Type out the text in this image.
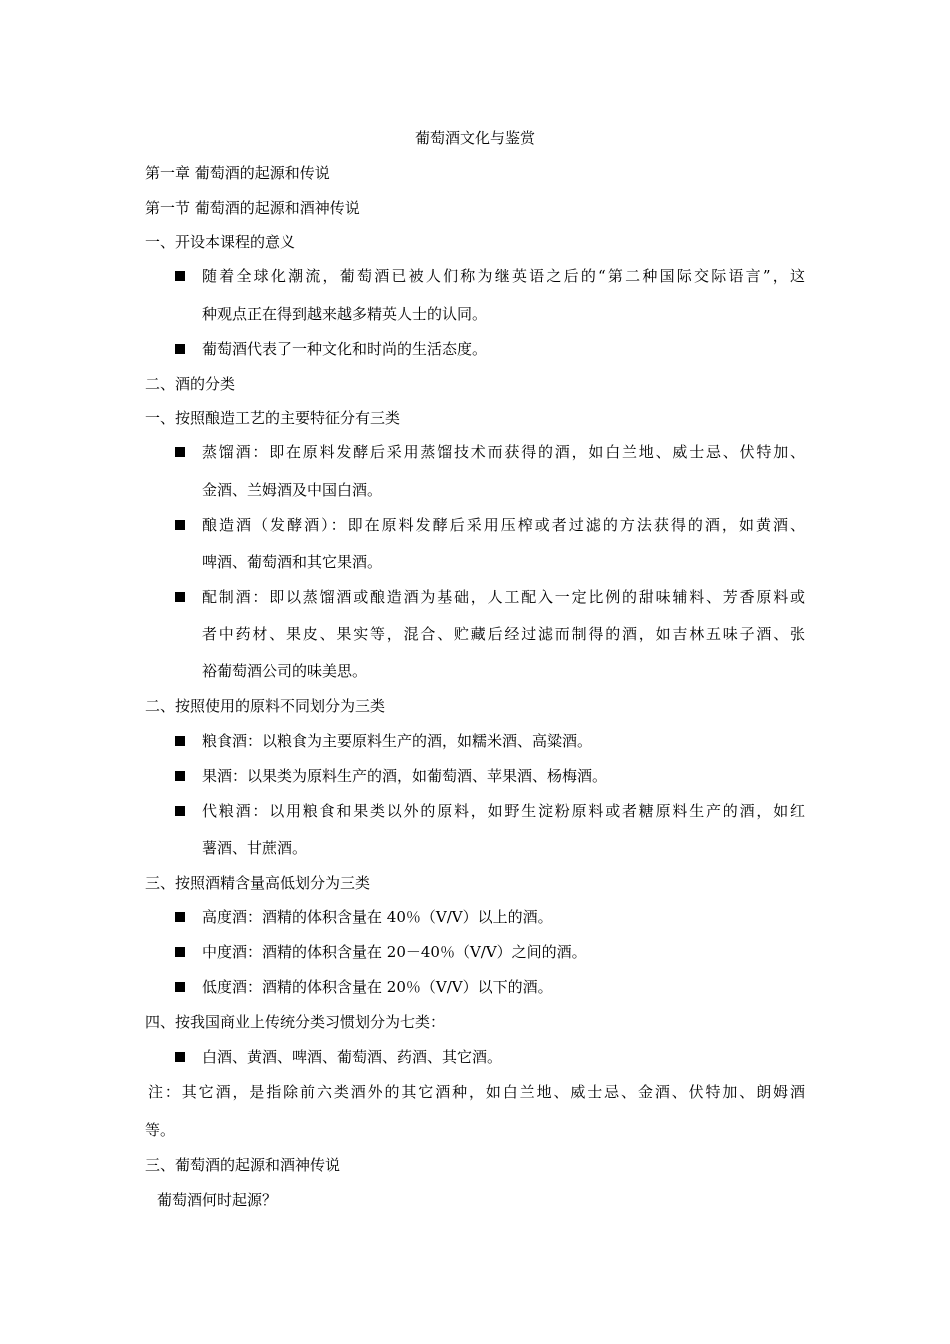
葡萄酒文化与鉴赏
第一章 葡萄酒的起源和传说
第一节 葡萄酒的起源和酒神传说
一、开设本课程的意义
随着全球化潮流，葡萄酒已被人们称为继英语之后的“第二种国际交际语言”，这
种观点正在得到越来越多精英人士的认同。
葡萄酒代表了一种文化和时尚的生活态度。
二、酒的分类
一、按照酿造工艺的主要特征分有三类
蒸馏酒：即在原料发酵后采用蒸馏技术而获得的酒，如白兰地、威士忌、伏特加、
金酒、兰姆酒及中国白酒。
酿造酒（发酵酒）：即在原料发酵后采用压榨或者过滤的方法获得的酒，如黄酒、
啤酒、葡萄酒和其它果酒。
配制酒：即以蒸馏酒或酿造酒为基础，人工配入一定比例的甜味辅料、芳香原料或
者中药材、果皮、果实等，混合、贮藏后经过滤而制得的酒，如吉林五味子酒、张
裕葡萄酒公司的味美思。
二、按照使用的原料不同划分为三类
粮食酒：以粮食为主要原料生产的酒，如糯米酒、高粱酒。
果酒：以果类为原料生产的酒，如葡萄酒、苹果酒、杨梅酒。
代粮酒：以用粮食和果类以外的原料，如野生淀粉原料或者糖原料生产的酒，如红
薯酒、甘蔗酒。
三、按照酒精含量高低划分为三类
高度酒：酒精的体积含量在 40％（V/V）以上的酒。
中度酒：酒精的体积含量在 20－40％（V/V）之间的酒。
低度酒：酒精的体积含量在 20％（V/V）以下的酒。
四、按我国商业上传统分类习惯划分为七类：
白酒、黄酒、啤酒、葡萄酒、药酒、其它酒。
注：其它酒，是指除前六类酒外的其它酒种，如白兰地、威士忌、金酒、伏特加、朗姆酒
等。
三、葡萄酒的起源和酒神传说
葡萄酒何时起源？
